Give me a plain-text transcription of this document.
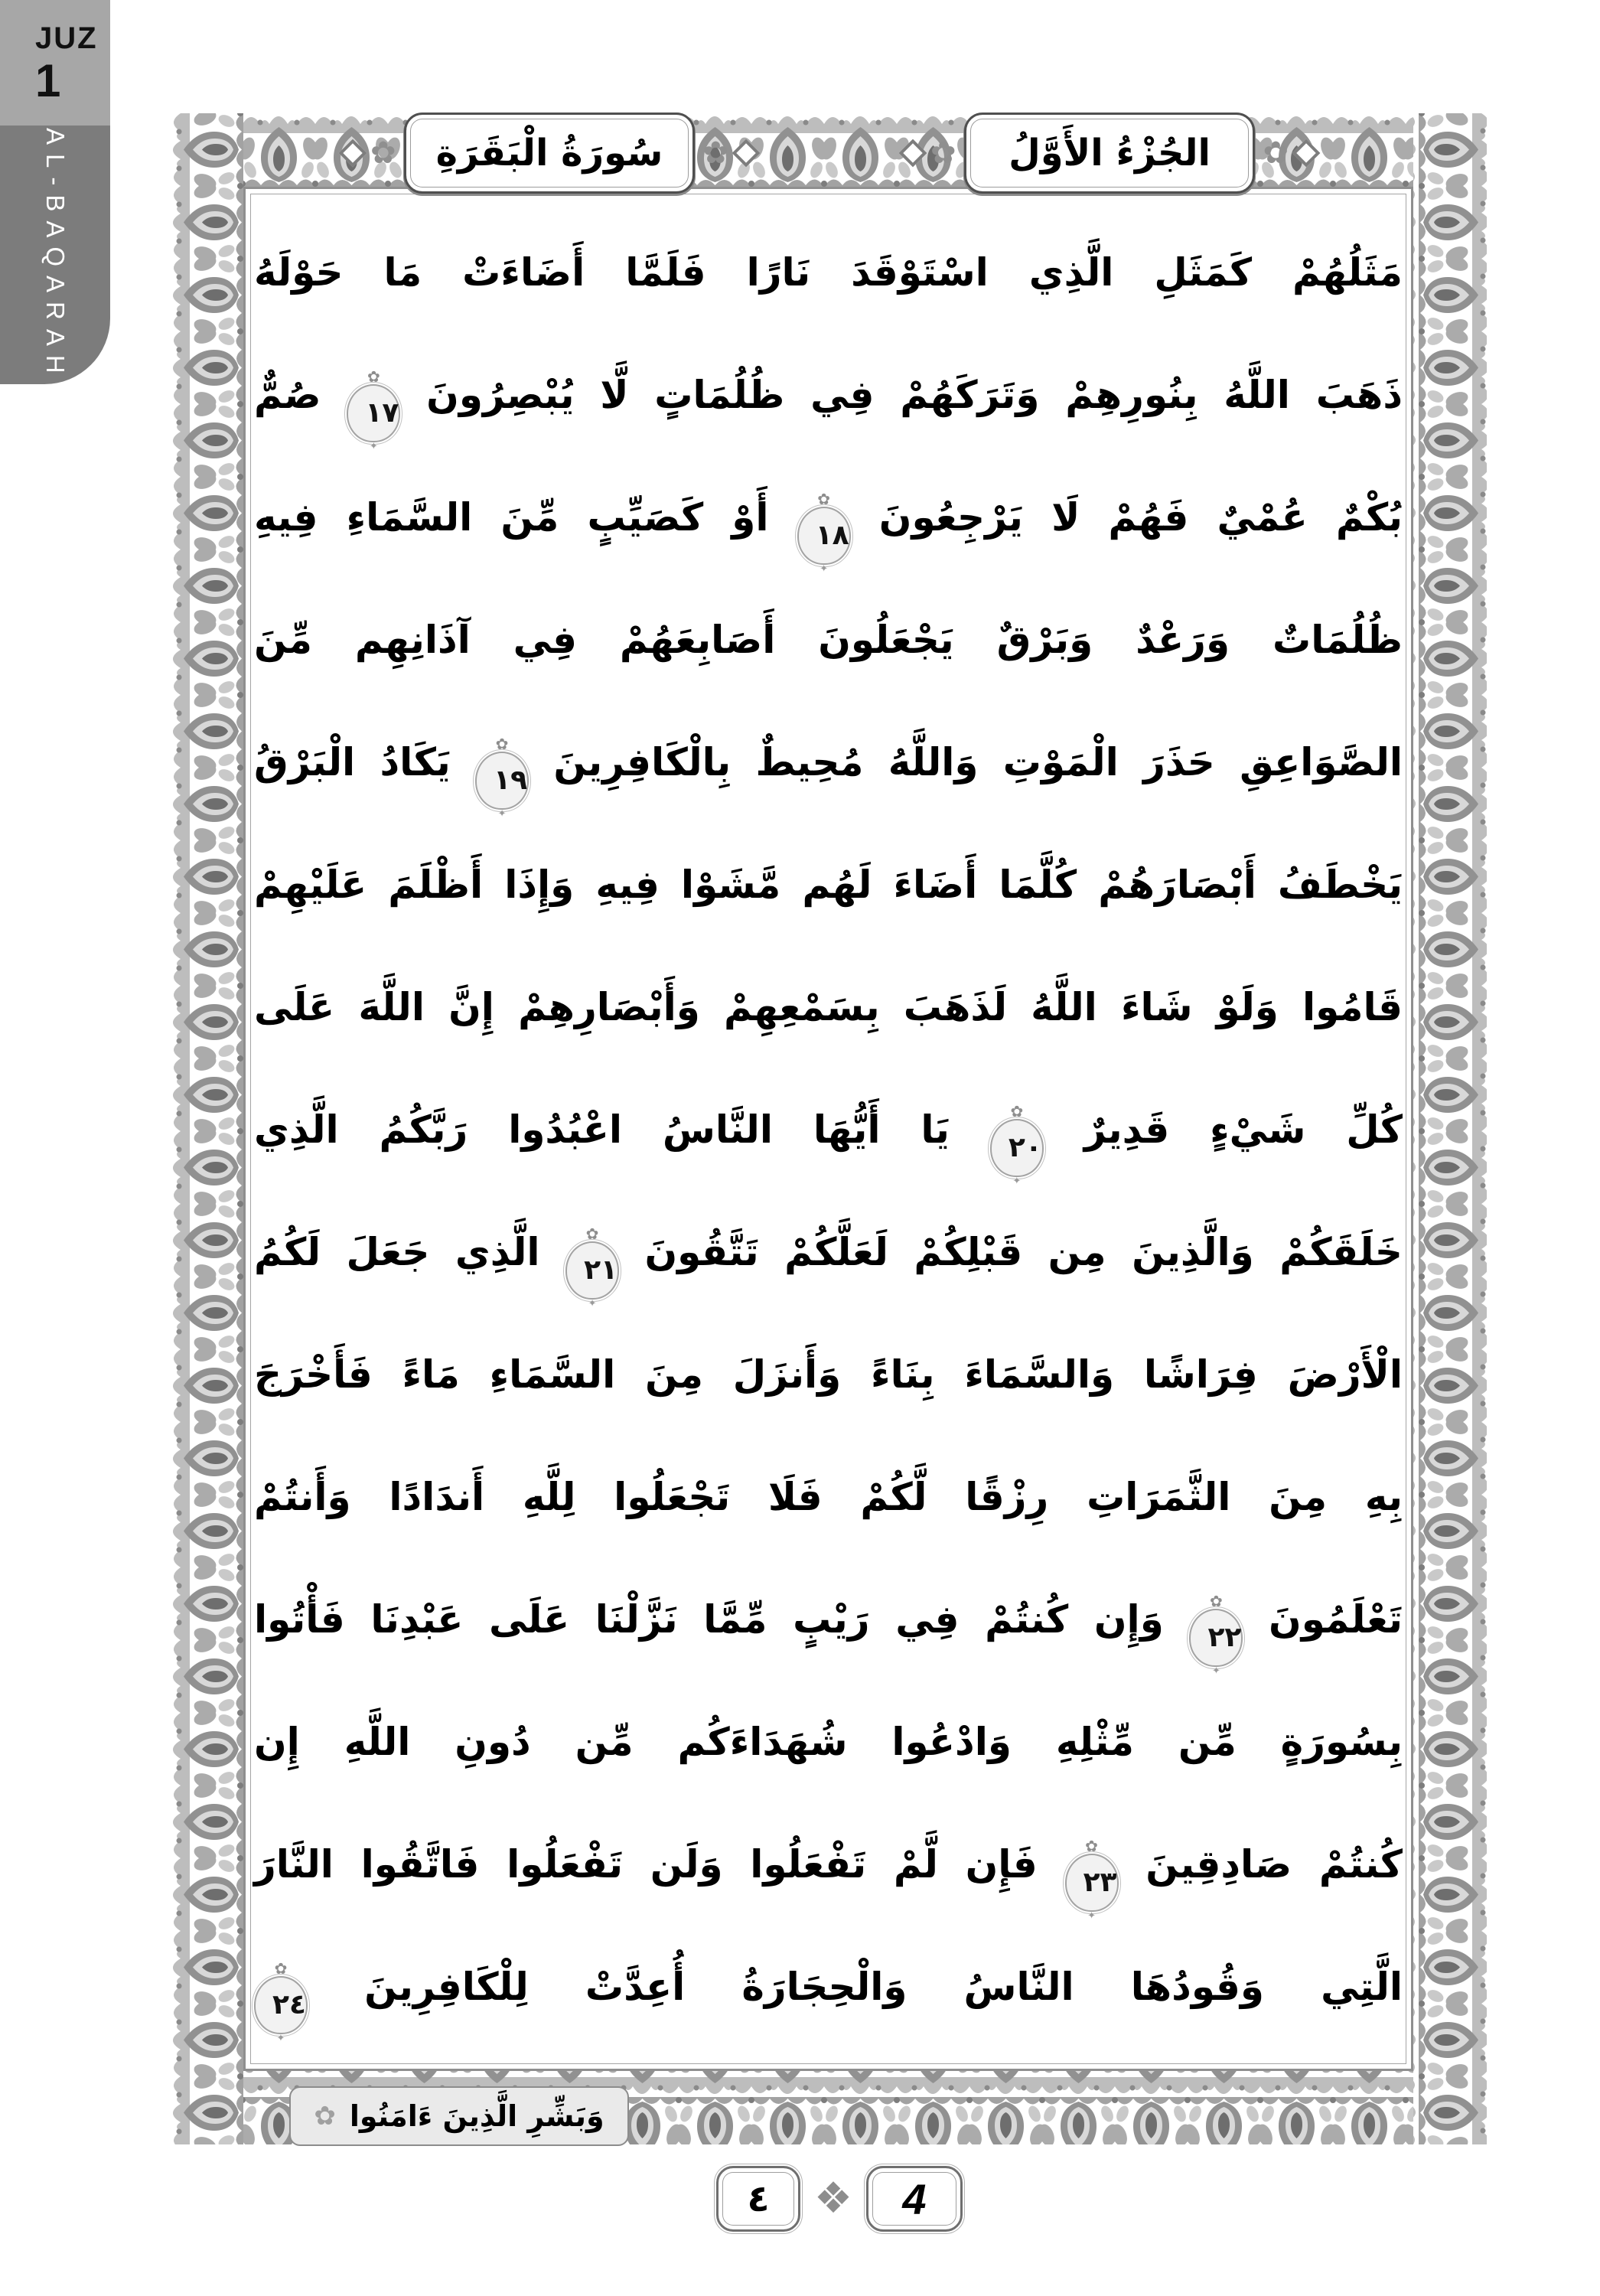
JUZ
1
AL-BAQARAH	مَثَلُهُمْ كَمَثَلِ الَّذِي اسْتَوْقَدَ نَارًا فَلَمَّا أَضَاءَتْ مَا حَوْلَهُ
ذَهَبَ اللَّهُ بِنُورِهِمْ وَتَرَكَهُمْ فِي ظُلُمَاتٍ لَّا يُبْصِرُونَ
✿ ١٧
✦ صُمٌّ
بُكْمٌ عُمْيٌ فَهُمْ لَا يَرْجِعُونَ
✿ ١٨
✦ أَوْ كَصَيِّبٍ مِّنَ السَّمَاءِ فِيهِ
ظُلُمَاتٌ وَرَعْدٌ وَبَرْقٌ يَجْعَلُونَ أَصَابِعَهُمْ فِي آذَانِهِم مِّنَ
الصَّوَاعِقِ حَذَرَ الْمَوْتِ وَاللَّهُ مُحِيطٌ بِالْكَافِرِينَ
✿ ١٩
✦ يَكَادُ الْبَرْقُ
يَخْطَفُ أَبْصَارَهُمْ كُلَّمَا أَضَاءَ لَهُم مَّشَوْا فِيهِ وَإِذَا أَظْلَمَ عَلَيْهِمْ
قَامُوا وَلَوْ شَاءَ اللَّهُ لَذَهَبَ بِسَمْعِهِمْ وَأَبْصَارِهِمْ إِنَّ اللَّهَ عَلَى
كُلِّ شَيْءٍ قَدِيرٌ
✿ ٢٠
✦ يَا أَيُّهَا النَّاسُ اعْبُدُوا رَبَّكُمُ الَّذِي
خَلَقَكُمْ وَالَّذِينَ مِن قَبْلِكُمْ لَعَلَّكُمْ تَتَّقُونَ
✿ ٢١
✦ الَّذِي جَعَلَ لَكُمُ
الْأَرْضَ فِرَاشًا وَالسَّمَاءَ بِنَاءً وَأَنزَلَ مِنَ السَّمَاءِ مَاءً فَأَخْرَجَ
بِهِ مِنَ الثَّمَرَاتِ رِزْقًا لَّكُمْ فَلَا تَجْعَلُوا لِلَّهِ أَندَادًا وَأَنتُمْ
تَعْلَمُونَ
✿ ٢٢
✦ وَإِن كُنتُمْ فِي رَيْبٍ مِّمَّا نَزَّلْنَا عَلَى عَبْدِنَا فَأْتُوا
بِسُورَةٍ مِّن مِّثْلِهِ وَادْعُوا شُهَدَاءَكُم مِّن دُونِ اللَّهِ إِن
كُنتُمْ صَادِقِينَ
✿ ٢٣
✦ فَإِن لَّمْ تَفْعَلُوا وَلَن تَفْعَلُوا فَاتَّقُوا النَّارَ
الَّتِي وَقُودُهَا النَّاسُ وَالْحِجَارَةُ أُعِدَّتْ لِلْكَافِرِينَ
✿ ٢٤
✦
✿ سُورَةُ الْبَقَرَةِ ✿	✿ الجُزْءُ الأَوَّلُ ✿
✿ وَبَشِّرِ الَّذِينَ ءَامَنُوا
٤ ❖ 4
